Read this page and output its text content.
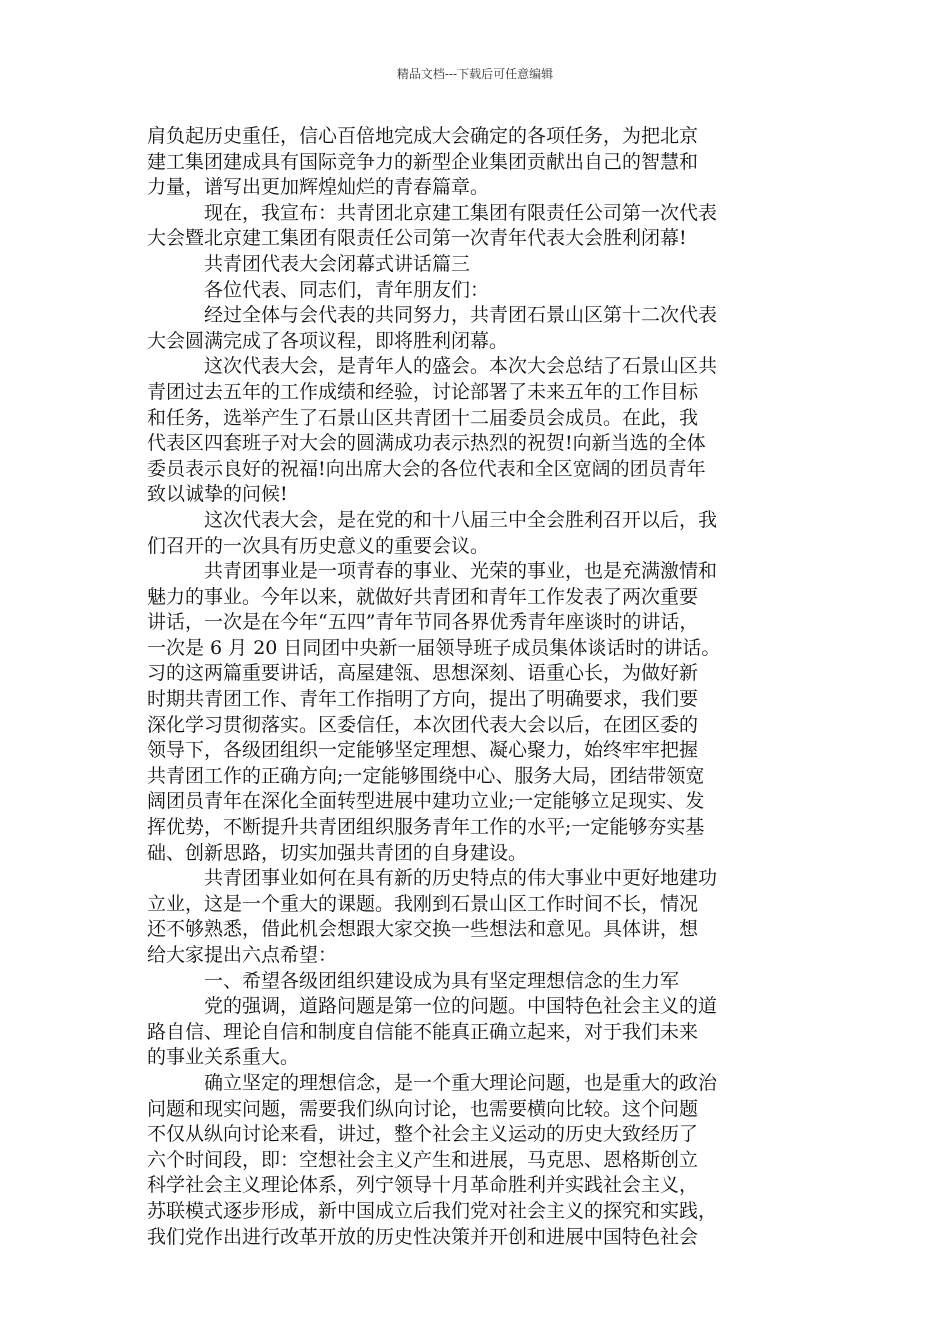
精品文档---下载后可任意编辑

肩负起历史重任，信心百倍地完成大会确定的各项任务，为把北京
建工集团建成具有国际竞争力的新型企业集团贡献出自己的智慧和
力量，谱写出更加辉煌灿烂的青春篇章。

现在，我宣布：共青团北京建工集团有限责任公司第一次代表
大会暨北京建工集团有限责任公司第一次青年代表大会胜利闭幕!

共青团代表大会闭幕式讲话篇三

各位代表、同志们，青年朋友们：

经过全体与会代表的共同努力，共青团石景山区第十二次代表
大会圆满完成了各项议程，即将胜利闭幕。

这次代表大会，是青年人的盛会。本次大会总结了石景山区共
青团过去五年的工作成绩和经验，讨论部署了未来五年的工作目标
和任务，选举产生了石景山区共青团十二届委员会成员。在此，我
代表区四套班子对大会的圆满成功表示热烈的祝贺!向新当选的全体
委员表示良好的祝福!向出席大会的各位代表和全区宽阔的团员青年
致以诚挚的问候!

这次代表大会，是在党的和十八届三中全会胜利召开以后，我
们召开的一次具有历史意义的重要会议。

共青团事业是一项青春的事业、光荣的事业，也是充满激情和
魅力的事业。今年以来，就做好共青团和青年工作发表了两次重要
讲话，一次是在今年“五四”青年节同各界优秀青年座谈时的讲话，
一次是 6 月 20 日同团中央新一届领导班子成员集体谈话时的讲话。
习的这两篇重要讲话，高屋建瓴、思想深刻、语重心长，为做好新
时期共青团工作、青年工作指明了方向，提出了明确要求，我们要
深化学习贯彻落实。区委信任，本次团代表大会以后，在团区委的
领导下，各级团组织一定能够坚定理想、凝心聚力，始终牢牢把握
共青团工作的正确方向;一定能够围绕中心、服务大局，团结带领宽
阔团员青年在深化全面转型进展中建功立业;一定能够立足现实、发
挥优势，不断提升共青团组织服务青年工作的水平;一定能够夯实基
础、创新思路，切实加强共青团的自身建设。

共青团事业如何在具有新的历史特点的伟大事业中更好地建功
立业，这是一个重大的课题。我刚到石景山区工作时间不长，情况
还不够熟悉，借此机会想跟大家交换一些想法和意见。具体讲，想
给大家提出六点希望：

一、希望各级团组织建设成为具有坚定理想信念的生力军

党的强调，道路问题是第一位的问题。中国特色社会主义的道
路自信、理论自信和制度自信能不能真正确立起来，对于我们未来
的事业关系重大。

确立坚定的理想信念，是一个重大理论问题，也是重大的政治
问题和现实问题，需要我们纵向讨论，也需要横向比较。这个问题
不仅从纵向讨论来看，讲过，整个社会主义运动的历史大致经历了
六个时间段，即：空想社会主义产生和进展，马克思、恩格斯创立
科学社会主义理论体系，列宁领导十月革命胜利并实践社会主义，
苏联模式逐步形成，新中国成立后我们党对社会主义的探究和实践，
我们党作出进行改革开放的历史性决策并开创和进展中国特色社会
